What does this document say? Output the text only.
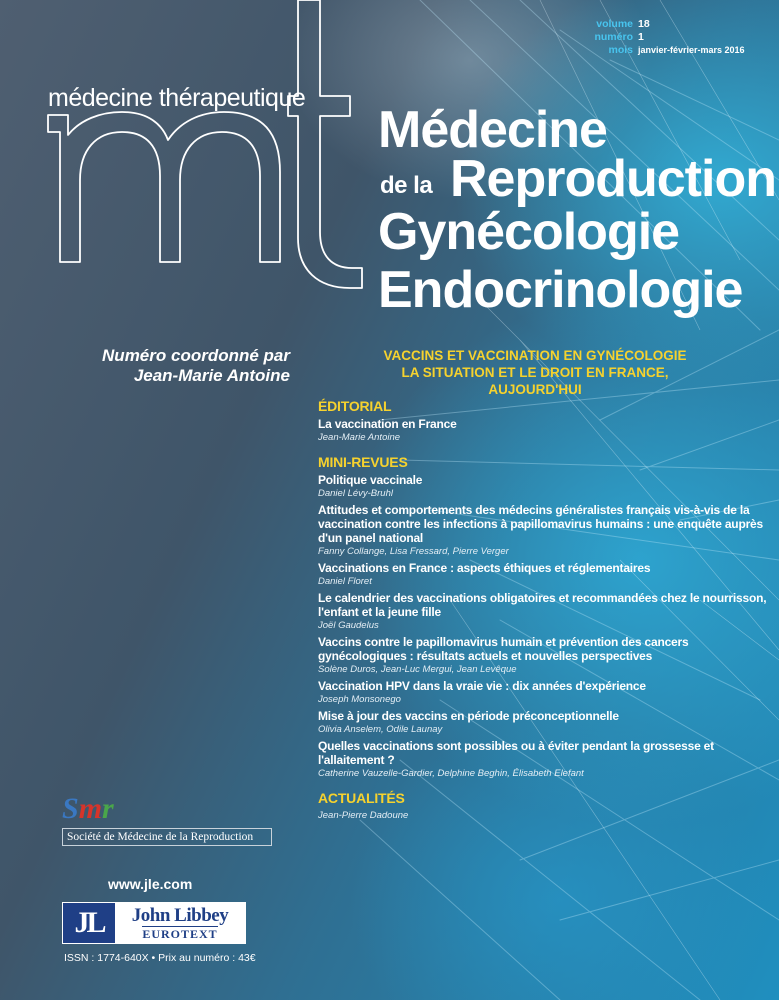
volume 18
numéro 1
mois janvier-février-mars 2016
médecine thérapeutique
Médecine
de la Reproduction
Gynécologie
Endocrinologie
Numéro coordonné par
Jean-Marie Antoine
VACCINS ET VACCINATION EN GYNÉCOLOGIE
LA SITUATION ET LE DROIT EN FRANCE, AUJOURD'HUI
ÉDITORIAL
La vaccination en France
Jean-Marie Antoine
MINI-REVUES
Politique vaccinale
Daniel Lévy-Bruhl
Attitudes et comportements des médecins généralistes français vis-à-vis de la vaccination contre les infections à papillomavirus humains : une enquête auprès d'un panel national
Fanny Collange, Lisa Fressard, Pierre Verger
Vaccinations en France : aspects éthiques et réglementaires
Daniel Floret
Le calendrier des vaccinations obligatoires et recommandées chez le nourrisson, l'enfant et la jeune fille
Joël Gaudelus
Vaccins contre le papillomavirus humain et prévention des cancers gynécologiques : résultats actuels et nouvelles perspectives
Solène Duros, Jean-Luc Mergui, Jean Levêque
Vaccination HPV dans la vraie vie : dix années d'expérience
Joseph Monsonego
Mise à jour des vaccins en période préconceptionnelle
Olivia Anselem, Odile Launay
Quelles vaccinations sont possibles ou à éviter pendant la grossesse et l'allaitement ?
Catherine Vauzelle-Gardier, Delphine Beghin, Élisabeth Elefant
ACTUALITÉS
Jean-Pierre Dadoune
Smr
Société de Médecine de la Reproduction
www.jle.com
JL	John Libbey
EUROTEXT
ISSN : 1774-640X • Prix au numéro : 43€
